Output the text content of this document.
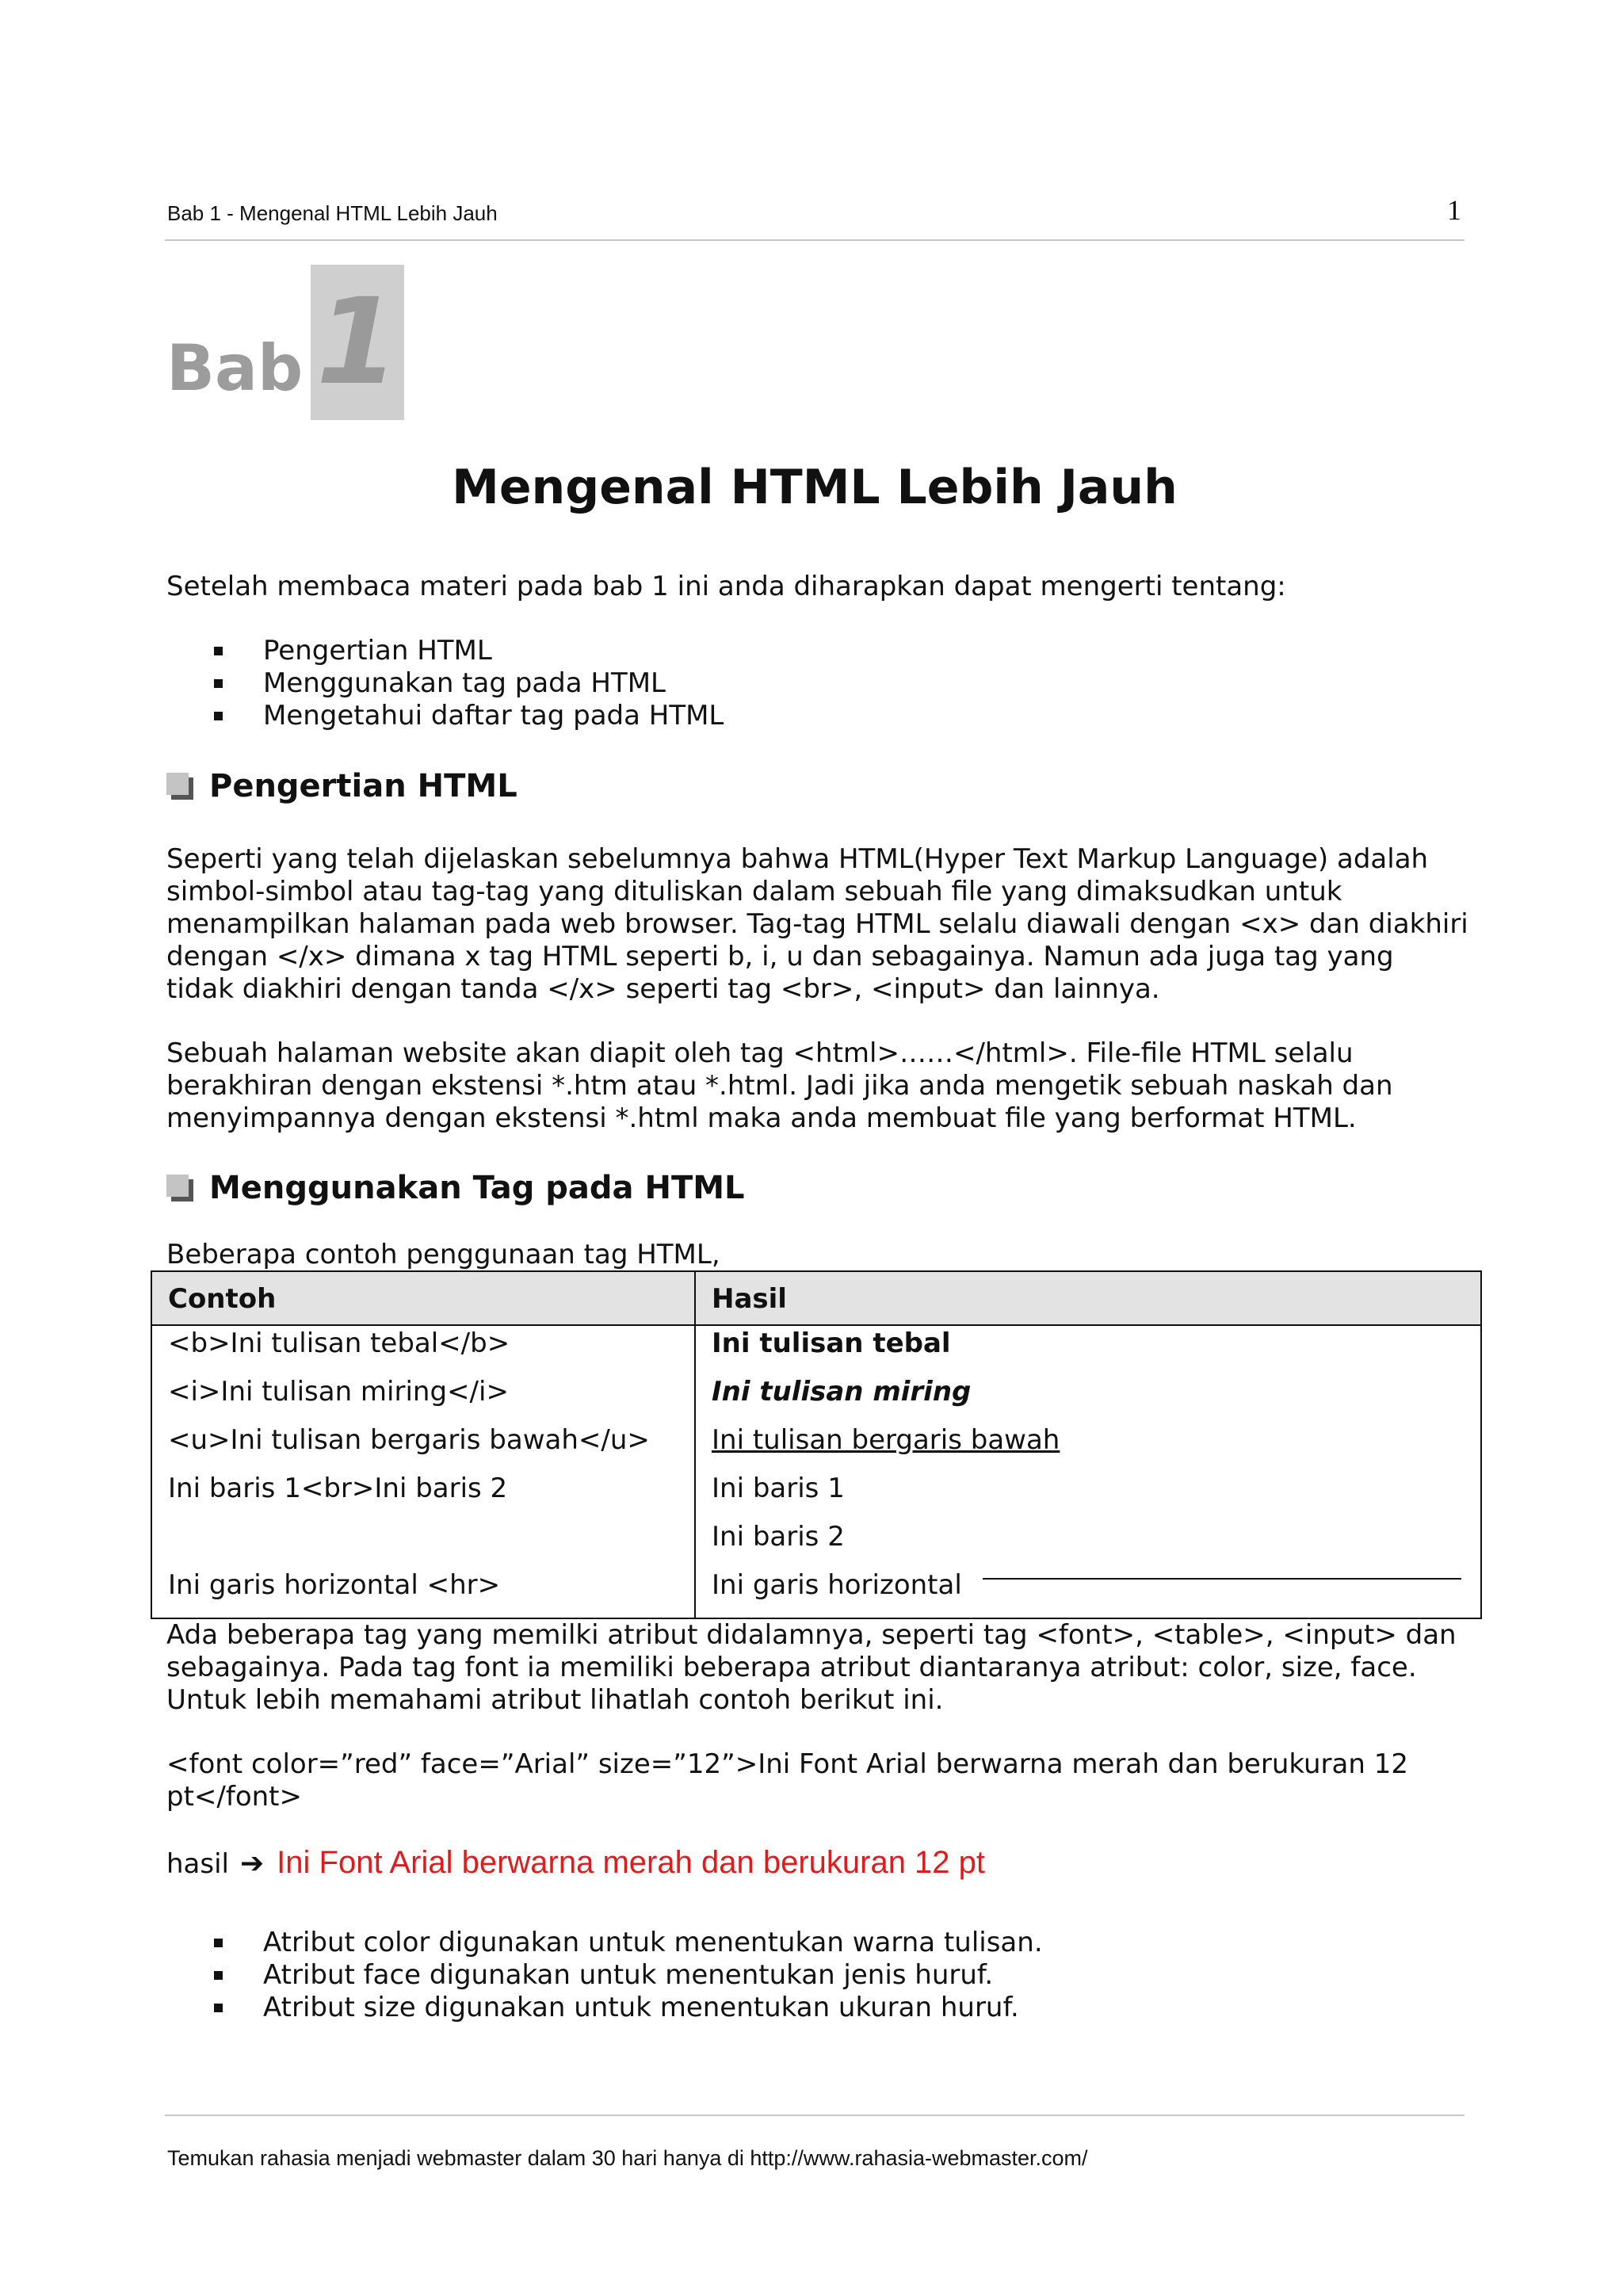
Bab 1 - Mengenal HTML Lebih Jauh	1
Bab 1
Mengenal HTML Lebih Jauh

Setelah membaca materi pada bab 1 ini anda diharapkan dapat mengerti tentang:

Pengertian HTML
Menggunakan tag pada HTML
Mengetahui daftar tag pada HTML
Pengertian HTML
Seperti yang telah dijelaskan sebelumnya bahwa HTML(Hyper Text Markup Language) adalah
simbol-simbol atau tag-tag yang dituliskan dalam sebuah file yang dimaksudkan untuk
menampilkan halaman pada web browser. Tag-tag HTML selalu diawali dengan <x> dan diakhiri
dengan </x> dimana x tag HTML seperti b, i, u dan sebagainya. Namun ada juga tag yang
tidak diakhiri dengan tanda </x> seperti tag <br>, <input> dan lainnya.
Sebuah halaman website akan diapit oleh tag <html>……</html>. File-file HTML selalu
berakhiran dengan ekstensi *.htm atau *.html. Jadi jika anda mengetik sebuah naskah dan
menyimpannya dengan ekstensi *.html maka anda membuat file yang berformat HTML.
Menggunakan Tag pada HTML

Beberapa contoh penggunaan tag HTML,

Contoh	Hasil
<b>Ini tulisan tebal</b>	Ini tulisan tebal
<i>Ini tulisan miring</i>	Ini tulisan miring
<u>Ini tulisan bergaris bawah</u> Ini tulisan bergaris bawah
Ini baris 1<br>Ini baris 2	Ini baris 1
Ini baris 2
Ini garis horizontal <hr>	Ini garis horizontal
Ada beberapa tag yang memilki atribut didalamnya, seperti tag <font>, <table>, <input> dan
sebagainya. Pada tag font ia memiliki beberapa atribut diantaranya atribut: color, size, face.
Untuk lebih memahami atribut lihatlah contoh berikut ini.
<font color=”red” face=”Arial” size=”12”>Ini Font Arial berwarna merah dan berukuran 12
pt</font>
hasil ➔ Ini Font Arial berwarna merah dan berukuran 12 pt
Atribut color digunakan untuk menentukan warna tulisan.
Atribut face digunakan untuk menentukan jenis huruf.
Atribut size digunakan untuk menentukan ukuran huruf.
Temukan rahasia menjadi webmaster dalam 30 hari hanya di http://www.rahasia-webmaster.com/
